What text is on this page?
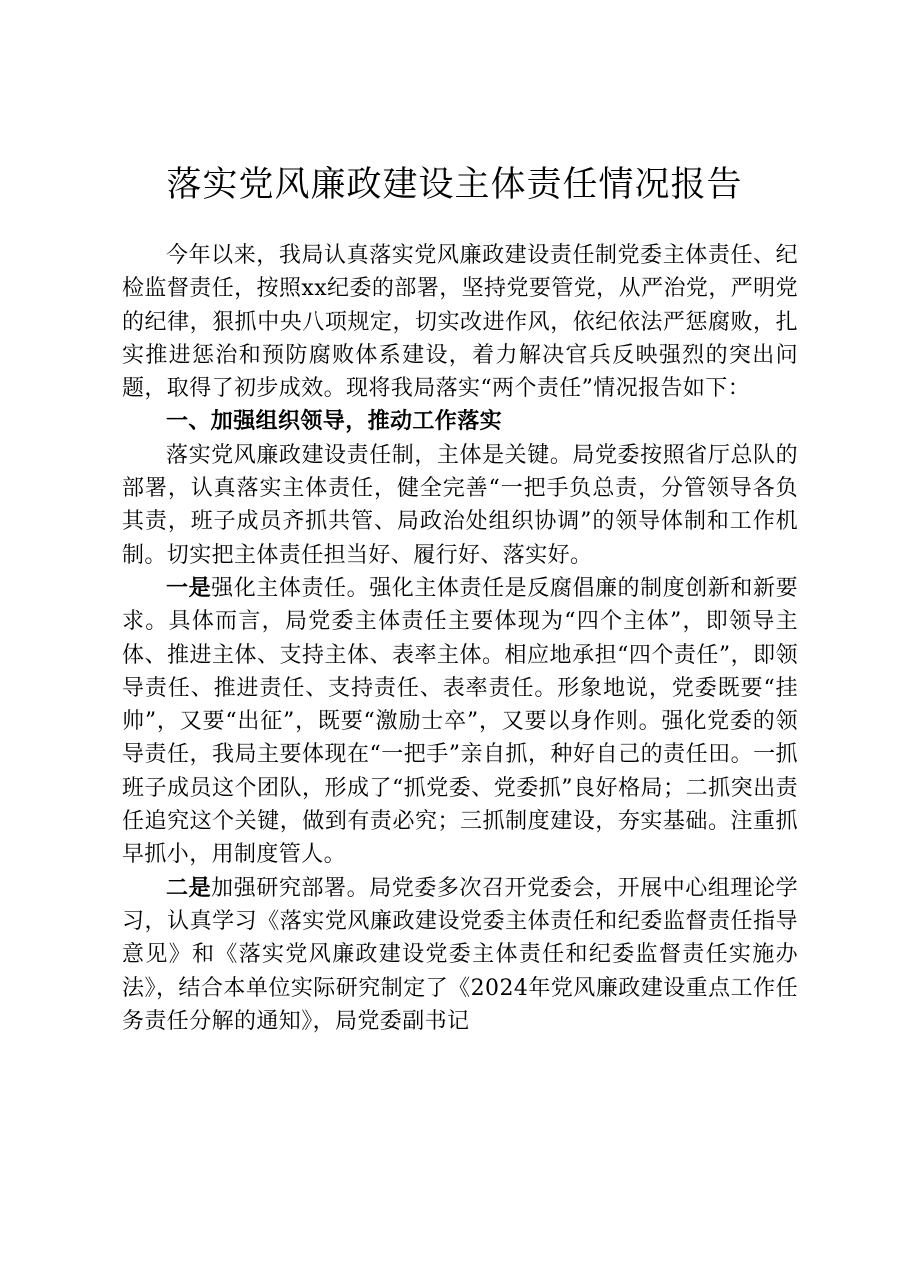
落实党风廉政建设主体责任情况报告

今年以来，我局认真落实党风廉政建设责任制党委主体责任、纪检监督责任，按照xx纪委的部署，坚持党要管党，从严治党，严明党的纪律，狠抓中央八项规定，切实改进作风，依纪依法严惩腐败，扎实推进惩治和预防腐败体系建设，着力解决官兵反映强烈的突出问题，取得了初步成效。现将我局落实“两个责任”情况报告如下：

一、加强组织领导，推动工作落实

落实党风廉政建设责任制，主体是关键。局党委按照省厅总队的部署，认真落实主体责任，健全完善“一把手负总责，分管领导各负其责，班子成员齐抓共管、局政治处组织协调”的领导体制和工作机制。切实把主体责任担当好、履行好、落实好。

一是强化主体责任。强化主体责任是反腐倡廉的制度创新和新要求。具体而言，局党委主体责任主要体现为“四个主体”，即领导主体、推进主体、支持主体、表率主体。相应地承担“四个责任”，即领导责任、推进责任、支持责任、表率责任。形象地说，党委既要“挂帅”，又要“出征”，既要“激励士卒”，又要以身作则。强化党委的领导责任，我局主要体现在“一把手”亲自抓，种好自己的责任田。一抓班子成员这个团队，形成了“抓党委、党委抓”良好格局；二抓突出责任追究这个关键，做到有责必究；三抓制度建设，夯实基础。注重抓早抓小，用制度管人。

二是加强研究部署。局党委多次召开党委会，开展中心组理论学习，认真学习《落实党风廉政建设党委主体责任和纪委监督责任指导意见》和《落实党风廉政建设党委主体责任和纪委监督责任实施办法》，结合本单位实际研究制定了《2024年党风廉政建设重点工作任务责任分解的通知》，局党委副书记
